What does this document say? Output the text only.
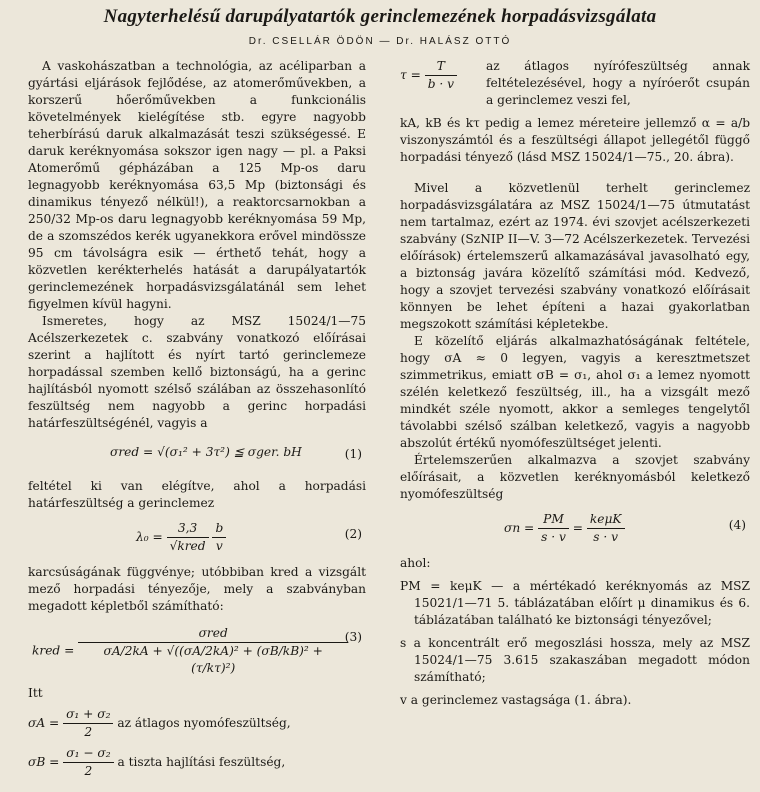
Nagyterhelésű darupályatartók gerinclemezének horpadásvizsgálata
Dr. CSELLÁR ÖDÖN — Dr. HALÁSZ OTTÓ

A vaskohászatban a technológia, az acéliparban a gyártási eljárások fejlődése, az atomerőművekben, a korszerű hőerőművekben a funkcionális követelmények kielégítése stb. egyre nagyobb teherbírású daruk alkalmazását teszi szükségessé. E daruk keréknyomása sokszor igen nagy — pl. a Paksi Atomerőmű gépházában a 125 Mp-os daru legnagyobb keréknyomása 63,5 Mp (biztonsági és dinamikus tényező nélkül!), a reaktorcsarnokban a 250/32 Mp-os daru legnagyobb keréknyomása 59 Mp, de a szomszédos kerék ugyanekkora erővel mindössze 95 cm távolságra esik — érthető tehát, hogy a közvetlen kerékterhelés hatását a darupályatartók gerinclemezének horpadásvizsgálatánál sem lehet figyelmen kívül hagyni.

Ismeretes, hogy az MSZ 15024/1—75 Acélszerkezetek c. szabvány vonatkozó előírásai szerint a hajlított és nyírt tartó gerinclemeze horpadással szemben kellő biztonságú, ha a gerinc hajlításból nyomott szélső szálában az összehasonlító feszültség nem nagyobb a gerinc horpadási határfeszültségénél, vagyis a

σred = √(σ₁² + 3τ²) ≦ σger. bH	(1)

feltétel ki van elégítve, ahol a horpadási határfeszültség a gerinclemez

$\lambda_0 = \frac{3,3}{\text{√kred}}$
$\frac{b}{v}$	(2)

karcsúságának függvénye; utóbbiban kred a vizsgált mező horpadási tényezője, mely a szabványban megadott képletből számítható:

kred = $\frac{\text{σred}}{\text{σA/2kA + √((σA/2kA)² + (σB/kB)² + (τ/kτ)²)}}$
(3)

Itt

$\sigma A = \frac{\text{σ₁ + σ₂}}{2}$ az átlagos nyomófeszültség,
$\sigma B = \frac{\text{σ₁ − σ₂}}{2}$ a tiszta hajlítási feszültség,
$\tau = \frac{T}{b \cdot v}$ az átlagos nyírófeszültség annak feltételezésével, hogy a nyíróerőt csupán a gerinclemez veszi fel,

kA, kB és kτ pedig a lemez méreteire jellemző α = a/b viszonyszámtól és a feszültségi állapot jellegétől függő horpadási tényező (lásd MSZ 15024/1—75., 20. ábra).

Mivel a közvetlenül terhelt gerinclemez horpadásvizsgálatára az MSZ 15024/1—75 útmutatást nem tartalmaz, ezért az 1974. évi szovjet acélszerkezeti szabvány (SzNIP II—V. 3—72 Acélszerkezetek. Tervezési előírások) értelemszerű alkamazásával javasolható egy, a biztonság javára közelítő számítási mód. Kedvező, hogy a szovjet tervezési szabvány vonatkozó előírásait könnyen be lehet építeni a hazai gyakorlatban megszokott számítási képletekbe.

E közelítő eljárás alkalmazhatóságának feltétele, hogy σA ≈ 0 legyen, vagyis a keresztmetszet szimmetrikus, emiatt σB = σ₁, ahol σ₁ a lemez nyomott szélén keletkező feszültség, ill., ha a vizsgált mező mindkét széle nyomott, akkor a semleges tengelytől távolabbi szélső szálban keletkező, vagyis a nagyobb abszolút értékű nyomófeszültséget jelenti.

Értelemszerűen alkalmazva a szovjet szabvány előírásait, a közvetlen keréknyomásból keletkező nyomófeszültség

$\sigma n = \frac{PM}{s \cdot v} = \frac{\text{keμK}}{s \cdot v}$	(4)

ahol:

PM = keμK — a mértékadó keréknyomás az MSZ 15021/1—71 5. táblázatában előírt μ dinamikus és 6. táblázatában található ke biztonsági tényezővel;

s a koncentrált erő megoszlási hossza, mely az MSZ 15024/1—75 3.615 szakaszában megadott módon számítható;

v a gerinclemez vastagsága (1. ábra).
